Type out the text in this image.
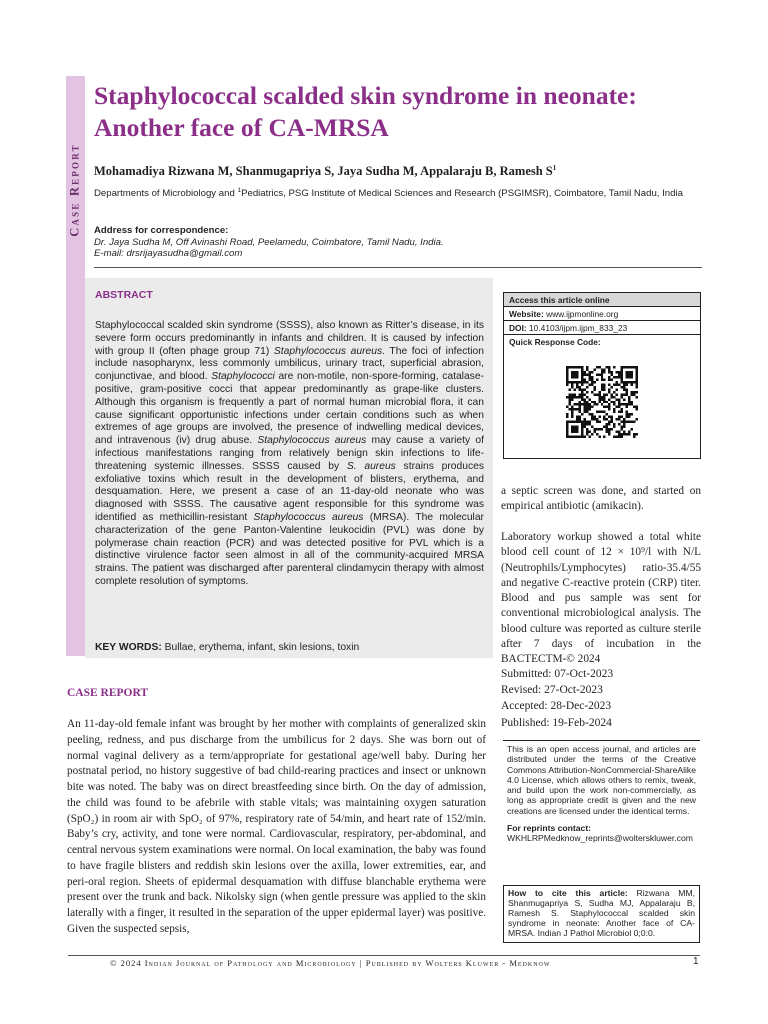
Case Report
Staphylococcal scalded skin syndrome in neonate: Another face of CA-MRSA
Mohamadiya Rizwana M, Shanmugapriya S, Jaya Sudha M, Appalaraju B, Ramesh $S^1$
Departments of Microbiology and $^1$Pediatrics, PSG Institute of Medical Sciences and Research (PSGIMSR), Coimbatore, Tamil Nadu, India
Address for correspondence:
Dr. Jaya Sudha M, Off Avinashi Road, Peelamedu, Coimbatore, Tamil Nadu, India.
E-mail: drsrijayasudha@gmail.com
ABSTRACT
Staphylococcal scalded skin syndrome (SSSS), also known as Ritter’s disease, in its severe form occurs predominantly in infants and children. It is caused by infection with group II (often phage group 71) Staphylococcus aureus. The foci of infection include nasopharynx, less commonly umbilicus, urinary tract, superficial abrasion, conjunctivae, and blood. Staphylococci are non-motile, non-spore-forming, catalase-positive, gram-positive cocci that appear predominantly as grape-like clusters. Although this organism is frequently a part of normal human microbial flora, it can cause significant opportunistic infections under certain conditions such as when extremes of age groups are involved, the presence of indwelling medical devices, and intravenous (iv) drug abuse. Staphylococcus aureus may cause a variety of infectious manifestations ranging from relatively benign skin infections to life-threatening systemic illnesses. SSSS caused by S. aureus strains produces exfoliative toxins which result in the development of blisters, erythema, and desquamation. Here, we present a case of an 11-day-old neonate who was diagnosed with SSSS. The causative agent responsible for this syndrome was identified as methicillin-resistant Staphylococcus aureus (MRSA). The molecular characterization of the gene Panton-Valentine leukocidin (PVL) was done by polymerase chain reaction (PCR) and was detected positive for PVL which is a distinctive virulence factor seen almost in all of the community-acquired MRSA strains. The patient was discharged after parenteral clindamycin therapy with almost complete resolution of symptoms.
KEY WORDS: Bullae, erythema, infant, skin lesions, toxin
Access this article online
Website: www.ijpmonline.org
DOI: 10.4103/ijpm.ijpm_833_23
Quick Response Code:
a septic screen was done, and started on empirical antibiotic (amikacin).
Laboratory workup showed a total white blood cell count of 12 × 10⁹/l with N/L (Neutrophils/Lymphocytes) ratio-35.4/55 and negative C-reactive protein (CRP) titer. Blood and pus sample was sent for conventional microbiological analysis. The blood culture was reported as culture sterile after 7 days of incubation in the BACTECTM-© 2024
Submitted: 07-Oct-2023
Revised: 27-Oct-2023
Accepted: 28-Dec-2023
Published: 19-Feb-2024

This is an open access journal, and articles are distributed under the terms of the Creative Commons Attribution-NonCommercial-ShareAlike 4.0 License, which allows others to remix, tweak, and build upon the work non-commercially, as long as appropriate credit is given and the new creations are licensed under the identical terms.

For reprints contact: WKHLRPMedknow_reprints@wolterskluwer.com

How to cite this article: Rizwana MM, Shanmugapriya S, Sudha MJ, Appalaraju B, Ramesh S. Staphylococcal scalded skin syndrome in neonate: Another face of CA-MRSA. Indian J Pathol Microbiol 0;0:0.
CASE REPORT
An 11-day-old female infant was brought by her mother with complaints of generalized skin peeling, redness, and pus discharge from the umbilicus for 2 days. She was born out of normal vaginal delivery as a term/appropriate for gestational age/well baby. During her postnatal period, no history suggestive of bad child-rearing practices and insect or unknown bite was noted. The baby was on direct breastfeeding since birth. On the day of admission, the child was found to be afebrile with stable vitals; was maintaining oxygen saturation (SpO₂) in room air with SpO₂ of 97%, respiratory rate of 54/min, and heart rate of 152/min. Baby’s cry, activity, and tone were normal. Cardiovascular, respiratory, per-abdominal, and central nervous system examinations were normal. On local examination, the baby was found to have fragile blisters and reddish skin lesions over the axilla, lower extremities, ear, and peri-oral region. Sheets of epidermal desquamation with diffuse blanchable erythema were present over the trunk and back. Nikolsky sign (when gentle pressure was applied to the skin laterally with a finger, it resulted in the separation of the upper epidermal layer) was positive. Given the suspected sepsis,
© 2024 Indian Journal of Pathology and Microbiology | Published by Wolters Kluwer - Medknow	1
